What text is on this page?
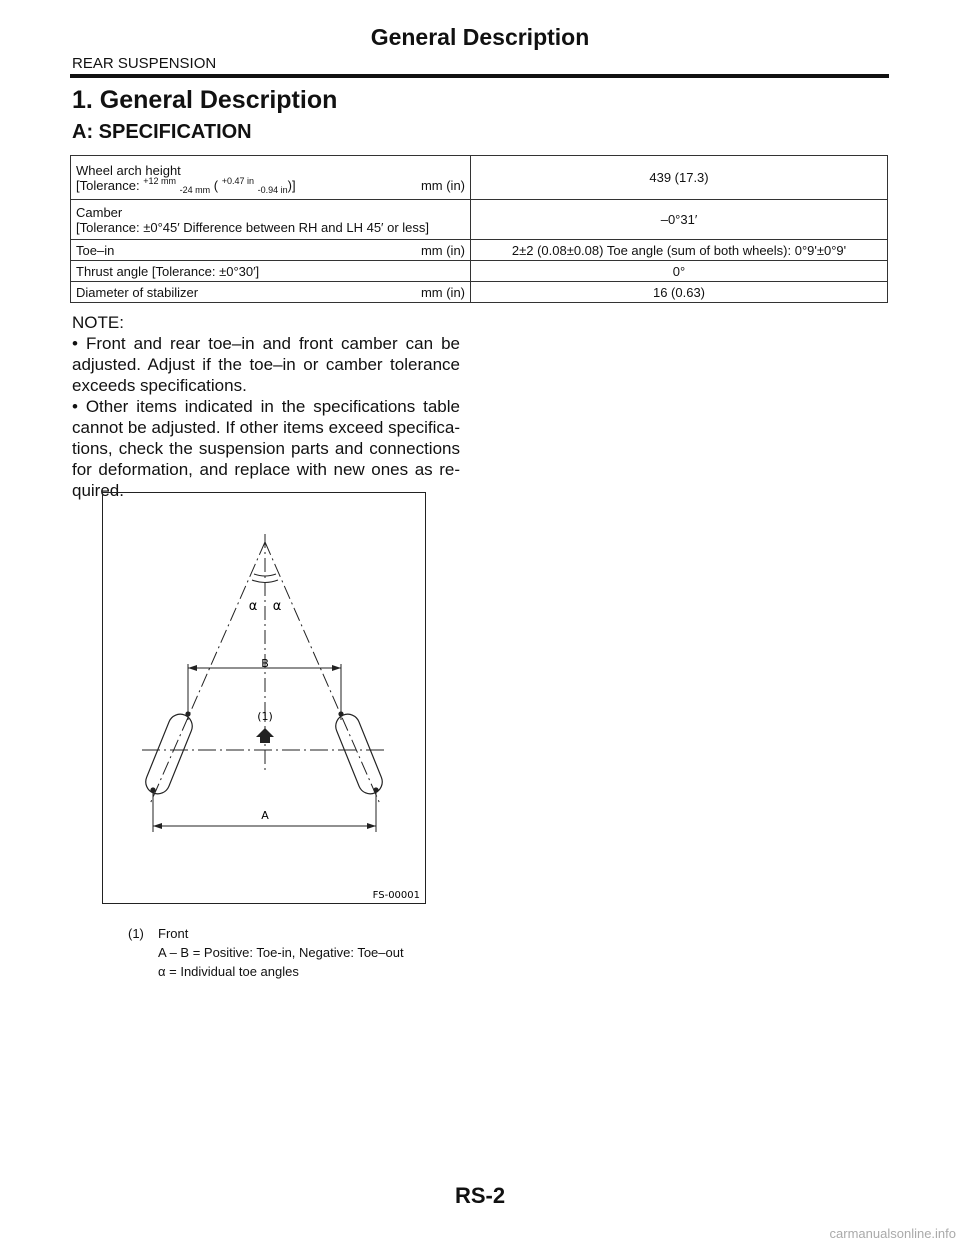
General Description
REAR SUSPENSION
1. General Description
A: SPECIFICATION
Wheel arch height
[Tolerance: $^{+12 mm}$ $_{-24 mm}$ ( $^{+0.47 in}$ $_{-0.94 in}$)] mm (in)	439 (17.3)

Camber
[Tolerance: ±0°45′ Difference between RH and LH 45′ or less]	–0°31′

Toe–in mm (in)	2±2 (0.08±0.08) Toe angle (sum of both wheels): 0°9'±0°9'
Thrust angle [Tolerance: ±0°30′]	0°

Diameter of stabilizer mm (in)	16 (0.63)
NOTE:
• Front and rear toe–in and front camber can be
adjusted. Adjust if the toe–in or camber tolerance
exceeds specifications.
• Other items indicated in the specifications table
cannot be adjusted. If other items exceed specifica-
tions, check the suspension parts and connections
for deformation, and replace with new ones as re-
quired.
α α
B
(1)
A
FS-00001
(1)	Front
A – B = Positive: Toe-in, Negative: Toe–out
α = Individual toe angles
RS-2
carmanualsonline.info
